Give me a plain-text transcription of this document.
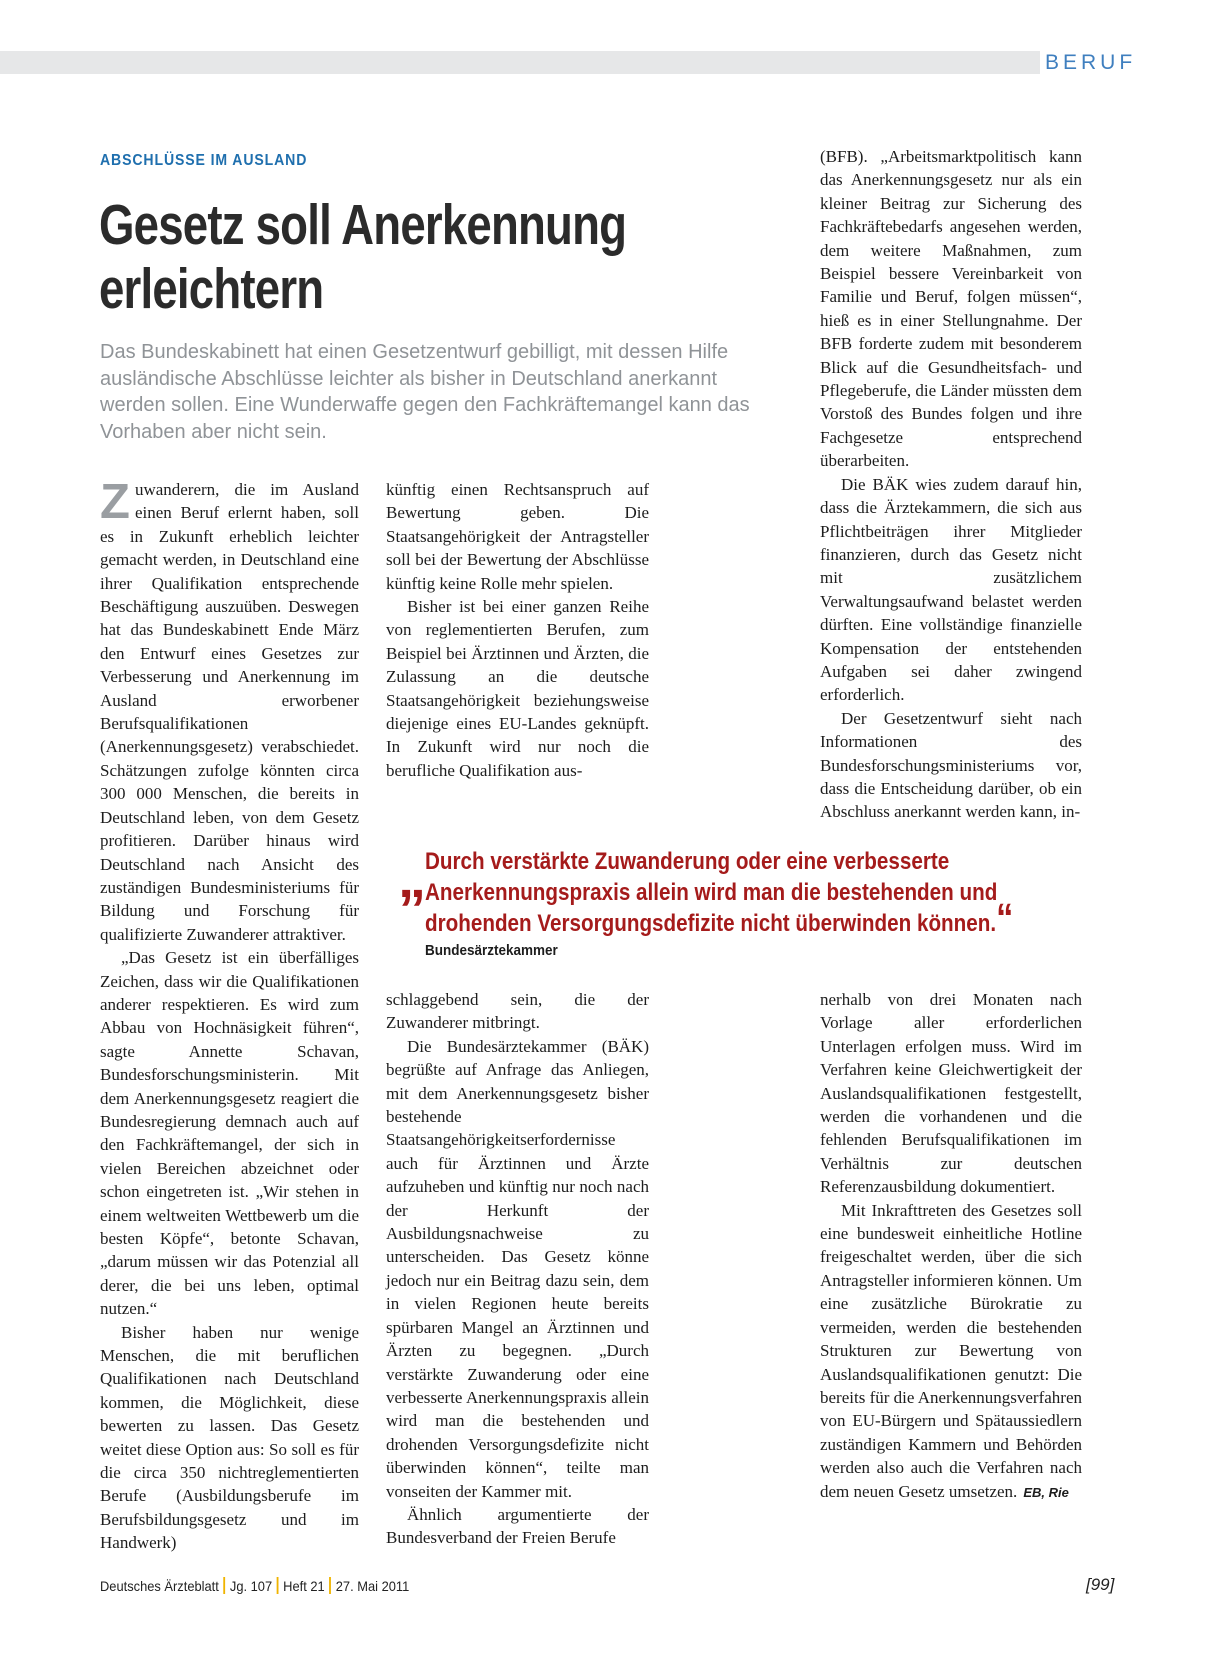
BERUF
ABSCHLÜSSE IM AUSLAND
Gesetz soll Anerkennung erleichtern
Das Bundeskabinett hat einen Gesetzentwurf gebilligt, mit dessen Hilfe ausländische Abschlüsse leichter als bisher in Deutschland anerkannt werden sollen. Eine Wunderwaffe gegen den Fachkräftemangel kann das Vorhaben aber nicht sein.

Zuwanderern, die im Ausland einen Beruf erlernt haben, soll es in Zukunft erheblich leichter gemacht werden, in Deutschland eine ihrer Qualifikation entsprechende Beschäftigung auszuüben. Deswegen hat das Bundeskabinett Ende März den Entwurf eines Gesetzes zur Verbesserung und Anerkennung im Ausland erworbener Berufsqualifikationen (Anerkennungsgesetz) verabschiedet. Schätzungen zufolge könnten circa 300 000 Menschen, die bereits in Deutschland leben, von dem Gesetz profitieren. Darüber hinaus wird Deutschland nach Ansicht des zuständigen Bundesministeriums für Bildung und Forschung für qualifizierte Zuwanderer attraktiver.

„Das Gesetz ist ein überfälliges Zeichen, dass wir die Qualifikationen anderer respektieren. Es wird zum Abbau von Hochnäsigkeit führen“, sagte Annette Schavan, Bundesforschungsministerin. Mit dem Anerkennungsgesetz reagiert die Bundesregierung demnach auch auf den Fachkräftemangel, der sich in vielen Bereichen abzeichnet oder schon eingetreten ist. „Wir stehen in einem weltweiten Wettbewerb um die besten Köpfe“, betonte Schavan, „darum müssen wir das Potenzial all derer, die bei uns leben, optimal nutzen.“

Bisher haben nur wenige Menschen, die mit beruflichen Qualifikationen nach Deutschland kommen, die Möglichkeit, diese bewerten zu lassen. Das Gesetz weitet diese Option aus: So soll es für die circa 350 nichtreglementierten Berufe (Ausbildungsberufe im Berufsbildungsgesetz und im Handwerk)

künftig einen Rechtsanspruch auf Bewertung geben. Die Staatsangehörigkeit der Antragsteller soll bei der Bewertung der Abschlüsse künftig keine Rolle mehr spielen.

Bisher ist bei einer ganzen Reihe von reglementierten Berufen, zum Beispiel bei Ärztinnen und Ärzten, die Zulassung an die deutsche Staatsangehörigkeit beziehungsweise diejenige eines EU-Landes geknüpft. In Zukunft wird nur noch die berufliche Qualifikation aus-

(BFB). „Arbeitsmarktpolitisch kann das Anerkennungsgesetz nur als ein kleiner Beitrag zur Sicherung des Fachkräftebedarfs angesehen werden, dem weitere Maßnahmen, zum Beispiel bessere Vereinbarkeit von Familie und Beruf, folgen müssen“, hieß es in einer Stellungnahme. Der BFB forderte zudem mit besonderem Blick auf die Gesundheitsfach- und Pflegeberufe, die Länder müssten dem Vorstoß des Bundes folgen und ihre Fachgesetze entsprechend überarbeiten.

Die BÄK wies zudem darauf hin, dass die Ärztekammern, die sich aus Pflichtbeiträgen ihrer Mitglieder finanzieren, durch das Gesetz nicht mit zusätzlichem Verwaltungsaufwand belastet werden dürften. Eine vollständige finanzielle Kompensation der entstehenden Aufgaben sei daher zwingend erforderlich.

Der Gesetzentwurf sieht nach Informationen des Bundesforschungsministeriums vor, dass die Entscheidung darüber, ob ein Abschluss anerkannt werden kann, in-

„ Durch verstärkte Zuwanderung oder eine verbesserte Anerkennungspraxis allein wird man die bestehenden und drohenden Versorgungsdefizite nicht überwinden können.“
Bundesärztekammer

schlaggebend sein, die der Zuwanderer mitbringt.

Die Bundesärztekammer (BÄK) begrüßte auf Anfrage das Anliegen, mit dem Anerkennungsgesetz bisher bestehende Staatsangehörigkeitserfordernisse auch für Ärztinnen und Ärzte aufzuheben und künftig nur noch nach der Herkunft der Ausbildungsnachweise zu unterscheiden. Das Gesetz könne jedoch nur ein Beitrag dazu sein, dem in vielen Regionen heute bereits spürbaren Mangel an Ärztinnen und Ärzten zu begegnen. „Durch verstärkte Zuwanderung oder eine verbesserte Anerkennungspraxis allein wird man die bestehenden und drohenden Versorgungsdefizite nicht überwinden können“, teilte man vonseiten der Kammer mit.

Ähnlich argumentierte der Bundesverband der Freien Berufe

nerhalb von drei Monaten nach Vorlage aller erforderlichen Unterlagen erfolgen muss. Wird im Verfahren keine Gleichwertigkeit der Auslandsqualifikationen festgestellt, werden die vorhandenen und die fehlenden Berufsqualifikationen im Verhältnis zur deutschen Referenzausbildung dokumentiert.

Mit Inkrafttreten des Gesetzes soll eine bundesweit einheitliche Hotline freigeschaltet werden, über die sich Antragsteller informieren können. Um eine zusätzliche Bürokratie zu vermeiden, werden die bestehenden Strukturen zur Bewertung von Auslandsqualifikationen genutzt: Die bereits für die Anerkennungsverfahren von EU-Bürgern und Spätaussiedlern zuständigen Kammern und Behörden werden also auch die Verfahren nach dem neuen Gesetz umsetzen. EB, Rie

Deutsches Ärzteblatt Jg. 107 Heft 21 27. Mai 2011	[99]
